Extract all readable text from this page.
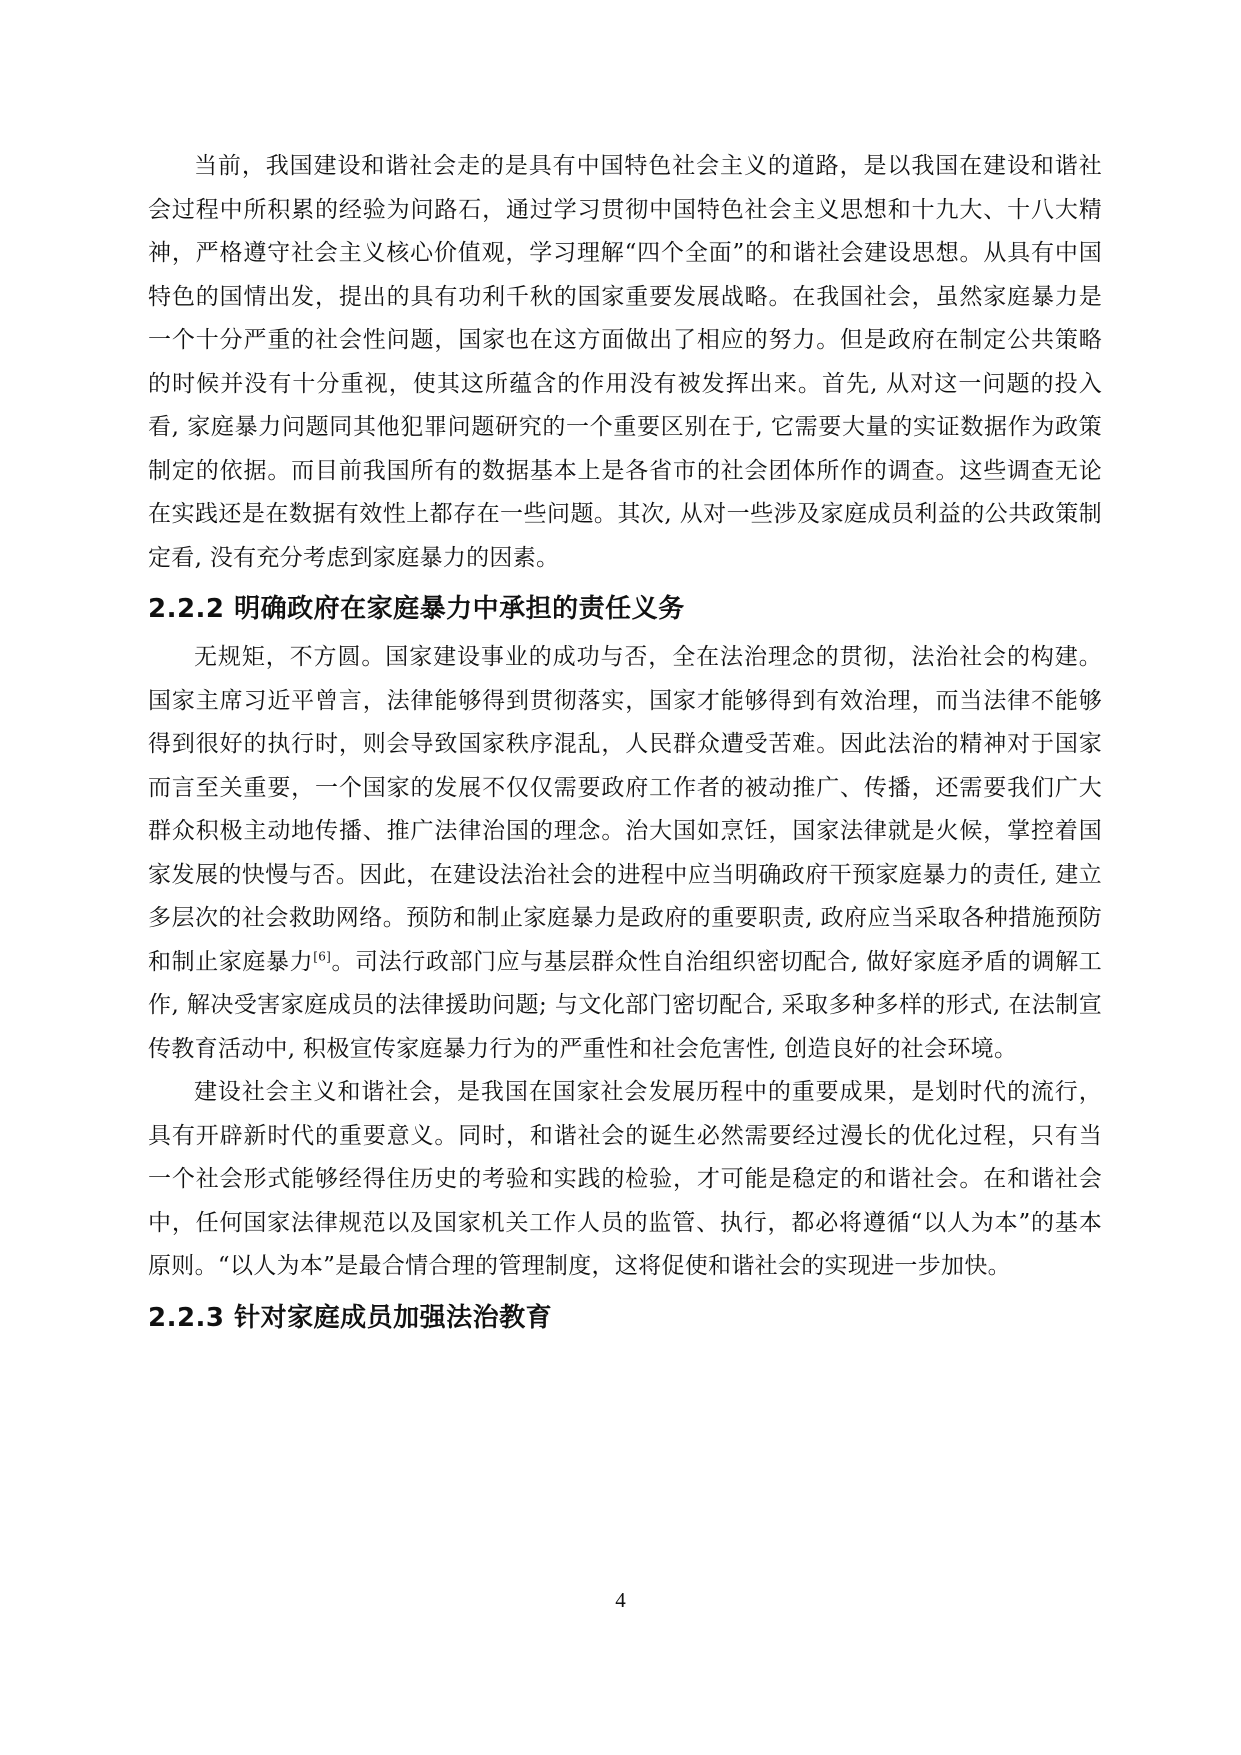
当前，我国建设和谐社会走的是具有中国特色社会主义的道路，是以我国在建设和谐社会过程中所积累的经验为问路石，通过学习贯彻中国特色社会主义思想和十九大、十八大精神，严格遵守社会主义核心价值观，学习理解“四个全面”的和谐社会建设思想。从具有中国特色的国情出发，提出的具有功利千秋的国家重要发展战略。在我国社会，虽然家庭暴力是一个十分严重的社会性问题，国家也在这方面做出了相应的努力。但是政府在制定公共策略的时候并没有十分重视，使其这所蕴含的作用没有被发挥出来。首先, 从对这一问题的投入看, 家庭暴力问题同其他犯罪问题研究的一个重要区别在于, 它需要大量的实证数据作为政策制定的依据。而目前我国所有的数据基本上是各省市的社会团体所作的调查。这些调查无论在实践还是在数据有效性上都存在一些问题。其次, 从对一些涉及家庭成员利益的公共政策制定看, 没有充分考虑到家庭暴力的因素。

2.2.2 明确政府在家庭暴力中承担的责任义务

无规矩，不方圆。国家建设事业的成功与否，全在法治理念的贯彻，法治社会的构建。国家主席习近平曾言，法律能够得到贯彻落实，国家才能够得到有效治理，而当法律不能够得到很好的执行时，则会导致国家秩序混乱，人民群众遭受苦难。因此法治的精神对于国家而言至关重要，一个国家的发展不仅仅需要政府工作者的被动推广、传播，还需要我们广大群众积极主动地传播、推广法律治国的理念。治大国如烹饪，国家法律就是火候，掌控着国家发展的快慢与否。因此，在建设法治社会的进程中应当明确政府干预家庭暴力的责任, 建立多层次的社会救助网络。预防和制止家庭暴力是政府的重要职责, 政府应当采取各种措施预防和制止家庭暴力[6]。司法行政部门应与基层群众性自治组织密切配合, 做好家庭矛盾的调解工作, 解决受害家庭成员的法律援助问题; 与文化部门密切配合, 采取多种多样的形式, 在法制宣传教育活动中, 积极宣传家庭暴力行为的严重性和社会危害性, 创造良好的社会环境。

建设社会主义和谐社会，是我国在国家社会发展历程中的重要成果，是划时代的流行，具有开辟新时代的重要意义。同时，和谐社会的诞生必然需要经过漫长的优化过程，只有当一个社会形式能够经得住历史的考验和实践的检验，才可能是稳定的和谐社会。在和谐社会中，任何国家法律规范以及国家机关工作人员的监管、执行，都必将遵循“以人为本”的基本原则。“以人为本”是最合情合理的管理制度，这将促使和谐社会的实现进一步加快。

2.2.3 针对家庭成员加强法治教育
4
